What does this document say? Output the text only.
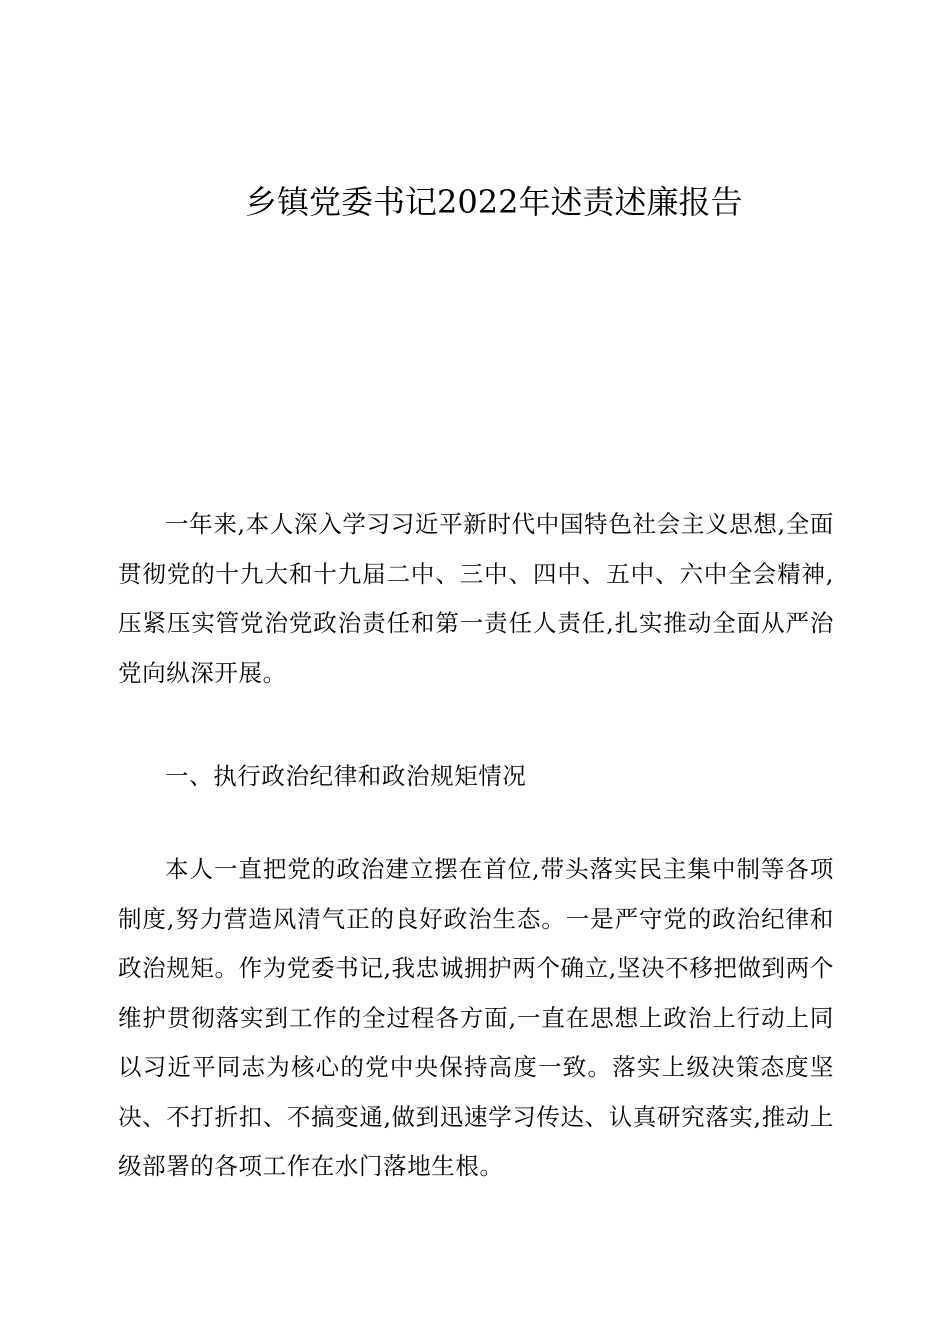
乡镇党委书记2022年述责述廉报告

一年来,本人深入学习习近平新时代中国特色社会主义思想,全面贯彻党的十九大和十九届二中、三中、四中、五中、六中全会精神,压紧压实管党治党政治责任和第一责任人责任,扎实推动全面从严治党向纵深开展。

一、执行政治纪律和政治规矩情况

本人一直把党的政治建立摆在首位,带头落实民主集中制等各项制度,努力营造风清气正的良好政治生态。一是严守党的政治纪律和政治规矩。作为党委书记,我忠诚拥护两个确立,坚决不移把做到两个维护贯彻落实到工作的全过程各方面,一直在思想上政治上行动上同以习近平同志为核心的党中央保持高度一致。落实上级决策态度坚决、不打折扣、不搞变通,做到迅速学习传达、认真研究落实,推动上级部署的各项工作在水门落地生根。
